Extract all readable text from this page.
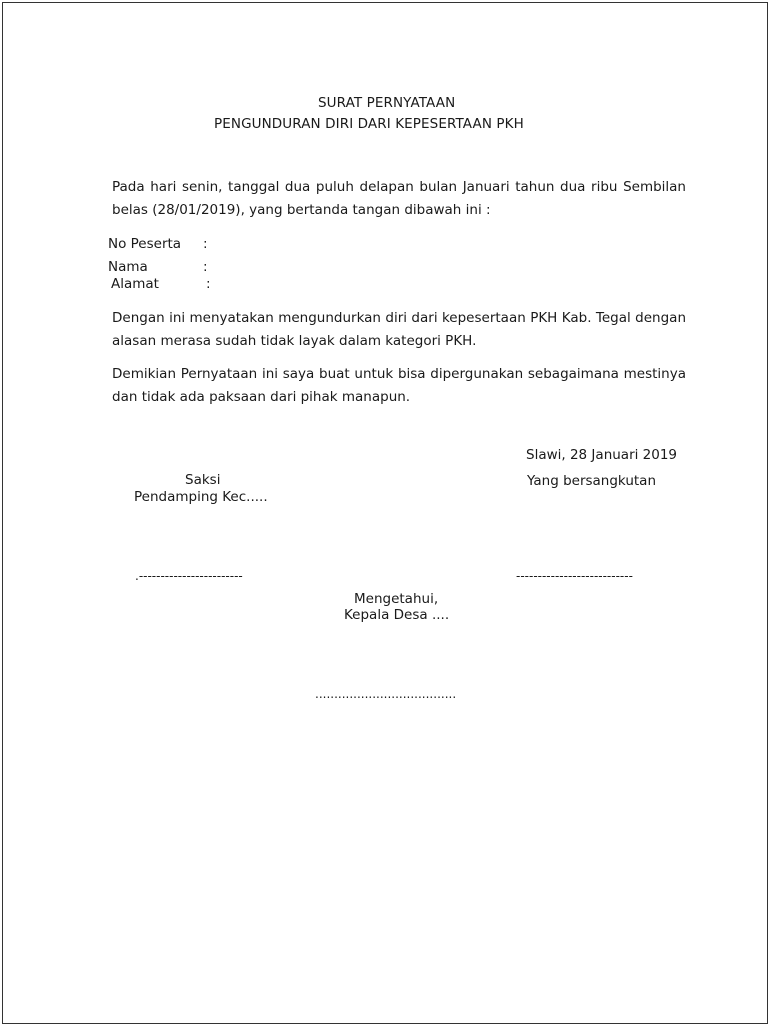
SURAT PERNYATAAN
PENGUNDURAN DIRI DARI KEPESERTAAN PKH
Pada hari senin, tanggal dua puluh delapan bulan Januari tahun dua ribu Sembilan belas (28/01/2019), yang bertanda tangan dibawah ini :
No Peserta :
Nama	:
Alamat	:
Dengan ini menyatakan mengundurkan diri dari kepesertaan PKH Kab. Tegal dengan alasan merasa sudah tidak layak dalam kategori PKH.
Demikian Pernyataan ini saya buat untuk bisa dipergunakan sebagaimana mestinya dan tidak ada paksaan dari pihak manapun.
Slawi, 28 Januari 2019
Saksi
Pendamping Kec.....
Yang bersangkutan
.------------------------	---------------------------
Mengetahui,
Kepala Desa ....
.....................................
